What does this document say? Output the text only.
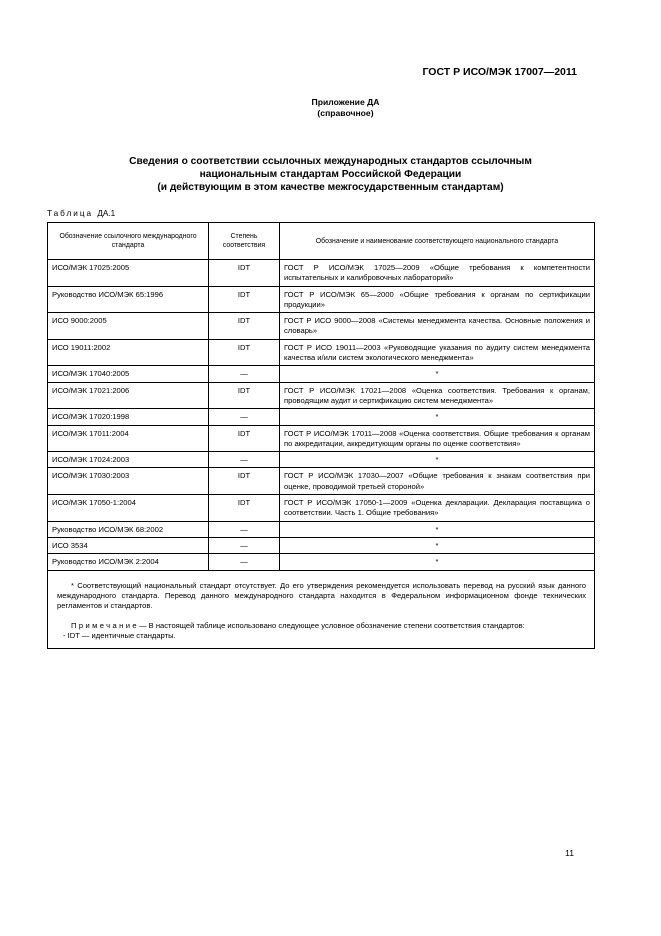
ГОСТ Р ИСО/МЭК 17007—2011
Приложение ДА
(справочное)
Сведения о соответствии ссылочных международных стандартов ссылочным
национальным стандартам Российской Федерации
(и действующим в этом качестве межгосударственным стандартам)
Таблица ДА.1
Обозначение ссылочного международного стандарта	Степень соответствия	Обозначение и наименование соответствующего национального стандарта
ИСО/МЭК 17025:2005	IDT	ГОСТ Р ИСО/МЭК 17025—2009 «Общие требования к компетентности испытательных и калибровочных лабораторий»
Руководство ИСО/МЭК 65:1996	IDT	ГОСТ Р ИСО/МЭК 65—2000 «Общие требования к органам по сертификации продукции»
ИСО 9000:2005	IDT	ГОСТ Р ИСО 9000—2008 «Системы менеджмента качества. Основные положения и словарь»
ИСО 19011:2002	IDT	ГОСТ Р ИСО 19011—2003 «Руководящие указания по аудиту систем менеджмента качества и/или систем экологического менеджмента»
ИСО/МЭК 17040:2005	—	*
ИСО/МЭК 17021:2006	IDT	ГОСТ Р ИСО/МЭК 17021—2008 «Оценка соответствия. Требования к органам, проводящим аудит и сертификацию систем менеджмента»
ИСО/МЭК 17020:1998	—	*
ИСО/МЭК 17011:2004	IDT	ГОСТ Р ИСО/МЭК 17011—2008 «Оценка соответствия. Общие требования к органам по аккредитации, аккредитующим органы по оценке соответствия»
ИСО/МЭК 17024:2003	—	*
ИСО/МЭК 17030:2003	IDT	ГОСТ Р ИСО/МЭК 17030—2007 «Общие требования к знакам соответствия при оценке, проводимой третьей стороной»
ИСО/МЭК 17050-1:2004	IDT	ГОСТ Р ИСО/МЭК 17050-1—2009 «Оценка декларации. Декларация поставщика о соответствии. Часть 1. Общие требования»
Руководство ИСО/МЭК 68:2002	—	*
ИСО 3534	—	*
Руководство ИСО/МЭК 2:2004	—	*

* Соответствующий национальный стандарт отсутствует. До его утверждения рекомендуется использовать перевод на русский язык данного международного стандарта. Перевод данного международного стандарта находится в Федеральном информационном фонде технических регламентов и стандартов.

Примечание— В настоящей таблице использовано следующее условное обозначение степени соответствия стандартов:

- IDT — идентичные стандарты.		

11
